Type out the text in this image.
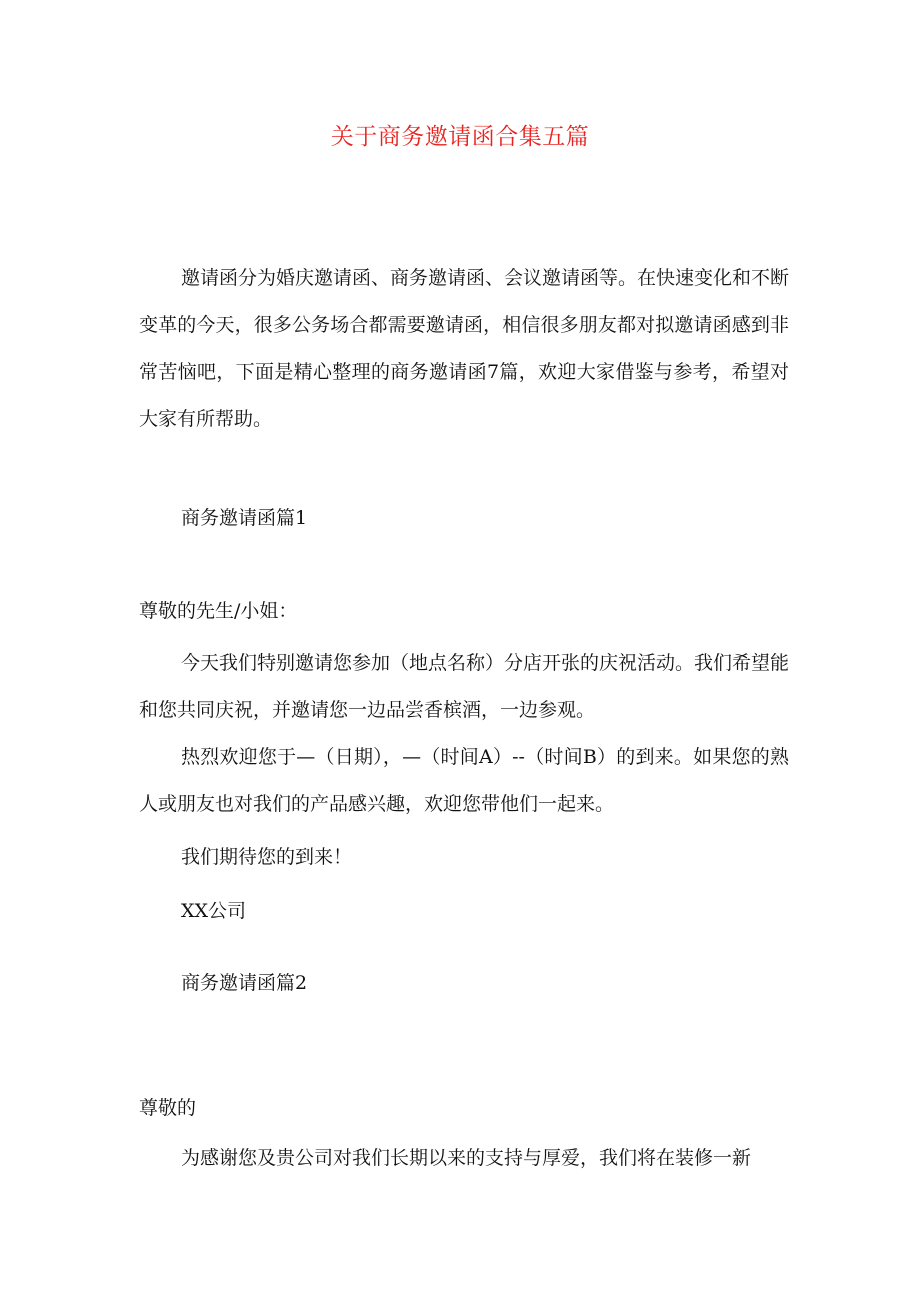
关于商务邀请函合集五篇

邀请函分为婚庆邀请函、商务邀请函、会议邀请函等。在快速变化和不断变革的今天，很多公务场合都需要邀请函，相信很多朋友都对拟邀请函感到非常苦恼吧，下面是精心整理的商务邀请函7篇，欢迎大家借鉴与参考，希望对大家有所帮助。

商务邀请函篇1
尊敬的先生/小姐：

今天我们特别邀请您参加（地点名称）分店开张的庆祝活动。我们希望能和您共同庆祝，并邀请您一边品尝香槟酒，一边参观。

热烈欢迎您于—（日期），—（时间A）--（时间B）的到来。如果您的熟人或朋友也对我们的产品感兴趣，欢迎您带他们一起来。

我们期待您的到来！
XX公司
商务邀请函篇2
尊敬的
为感谢您及贵公司对我们长期以来的支持与厚爱，我们将在装修一新
